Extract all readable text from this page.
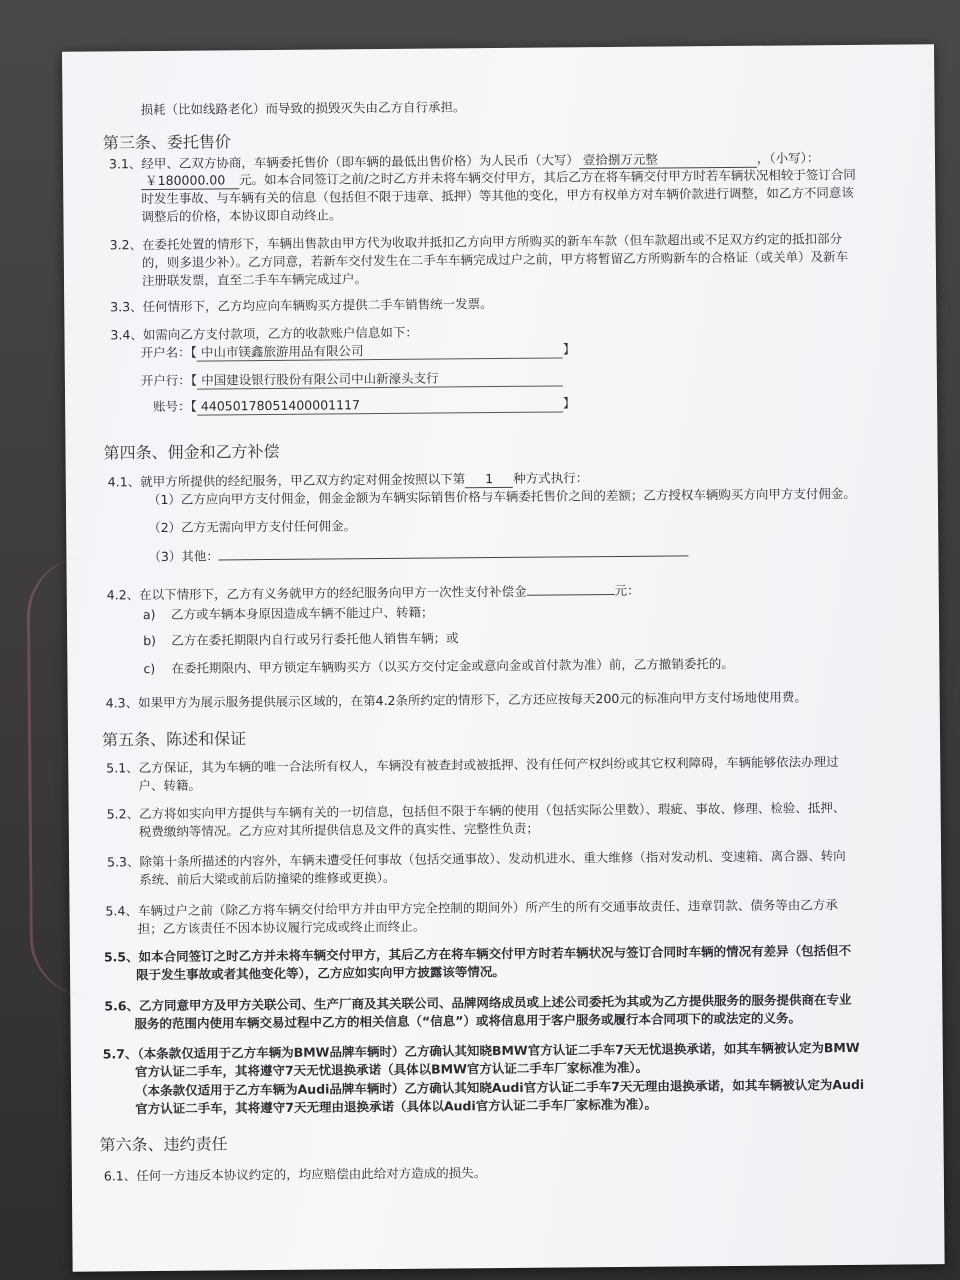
损耗（比如线路老化）而导致的损毁灭失由乙方自行承担。
第三条、委托售价
3.1、经甲、乙双方协商，车辆委托售价（即车辆的最低出售价格）为人民币（大写） 壹拾捌万元整	，（小写）：
￥180000.00 元。如本合同签订之前/之时乙方并未将车辆交付甲方，其后乙方在将车辆交付甲方时若车辆状况相较于签订合同
时发生事故、与车辆有关的信息（包括但不限于违章、抵押）等其他的变化，甲方有权单方对车辆价款进行调整，如乙方不同意该
调整后的价格，本协议即自动终止。
3.2、在委托处置的情形下，车辆出售款由甲方代为收取并抵扣乙方向甲方所购买的新车车款（但车款超出或不足双方约定的抵扣部分
的，则多退少补）。乙方同意，若新车交付发生在二手车车辆完成过户之前，甲方将暂留乙方所购新车的合格证（或关单）及新车
注册联发票，直至二手车车辆完成过户。
3.3、任何情形下，乙方均应向车辆购买方提供二手车销售统一发票。
3.4、如需向乙方支付款项，乙方的收款账户信息如下：
开户名：【 中山市镁鑫旅游用品有限公司	】
开户行：【 中国建设银行股份有限公司中山新濠头支行
账号：【 44050178051400001117	】
第四条、佣金和乙方补偿
4.1、就甲方所提供的经纪服务，甲乙双方约定对佣金按照以下第 1 种方式执行：
（1）乙方应向甲方支付佣金，佣金金额为车辆实际销售价格与车辆委托售价之间的差额；乙方授权车辆购买方向甲方支付佣金。
（2）乙方无需向甲方支付任何佣金。
（3）其他：
4.2、在以下情形下，乙方有义务就甲方的经纪服务向甲方一次性支付补偿金	元：
a) 乙方或车辆本身原因造成车辆不能过户、转籍；
b) 乙方在委托期限内自行或另行委托他人销售车辆；或
c) 在委托期限内、甲方锁定车辆购买方（以买方交付定金或意向金或首付款为准）前，乙方撤销委托的。
4.3、如果甲方为展示服务提供展示区域的，在第4.2条所约定的情形下，乙方还应按每天200元的标准向甲方支付场地使用费。
第五条、陈述和保证
5.1、乙方保证，其为车辆的唯一合法所有权人，车辆没有被查封或被抵押、没有任何产权纠纷或其它权利障碍，车辆能够依法办理过
户、转籍。
5.2、乙方将如实向甲方提供与车辆有关的一切信息，包括但不限于车辆的使用（包括实际公里数）、瑕疵、事故、修理、检验、抵押、
税费缴纳等情况。乙方应对其所提供信息及文件的真实性、完整性负责；
5.3、除第十条所描述的内容外，车辆未遭受任何事故（包括交通事故）、发动机进水、重大维修（指对发动机、变速箱、离合器、转向
系统、前后大梁或前后防撞梁的维修或更换）。
5.4、车辆过户之前（除乙方将车辆交付给甲方并由甲方完全控制的期间外）所产生的所有交通事故责任、违章罚款、债务等由乙方承
担；乙方该责任不因本协议履行完成或终止而终止。
5.5、如本合同签订之时乙方并未将车辆交付甲方，其后乙方在将车辆交付甲方时若车辆状况与签订合同时车辆的情况有差异（包括但不
限于发生事故或者其他变化等），乙方应如实向甲方披露该等情况。
5.6、乙方同意甲方及甲方关联公司、生产厂商及其关联公司、品牌网络成员或上述公司委托为其或为乙方提供服务的服务提供商在专业
服务的范围内使用车辆交易过程中乙方的相关信息（“信息”）或将信息用于客户服务或履行本合同项下的或法定的义务。
5.7、（本条款仅适用于乙方车辆为BMW品牌车辆时）乙方确认其知晓BMW官方认证二手车7天无忧退换承诺，如其车辆被认定为BMW
官方认证二手车，其将遵守7天无忧退换承诺（具体以BMW官方认证二手车厂家标准为准）。
（本条款仅适用于乙方车辆为Audi品牌车辆时）乙方确认其知晓Audi官方认证二手车7天无理由退换承诺，如其车辆被认定为Audi
官方认证二手车，其将遵守7天无理由退换承诺（具体以Audi官方认证二手车厂家标准为准）。
第六条、违约责任
6.1、任何一方违反本协议约定的，均应赔偿由此给对方造成的损失。
